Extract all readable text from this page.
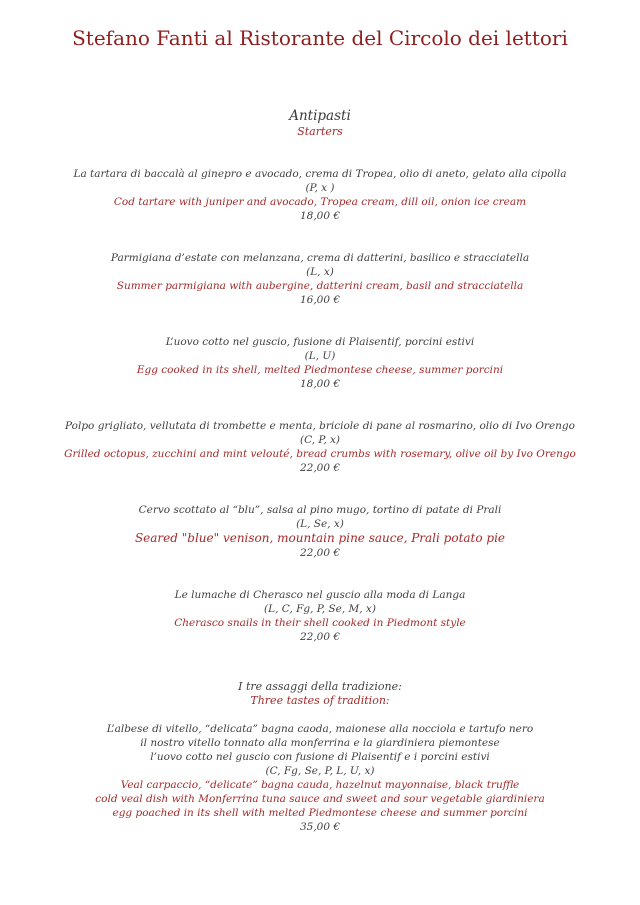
Stefano Fanti al Ristorante del Circolo dei lettori
Antipasti
Starters
La tartara di baccalà al ginepro e avocado, crema di Tropea, olio di aneto, gelato alla cipolla
(P, x )
Cod tartare with juniper and avocado, Tropea cream, dill oil, onion ice cream
18,00 €
Parmigiana d’estate con melanzana, crema di datterini, basilico e stracciatella
(L, x)
Summer parmigiana with aubergine, datterini cream, basil and stracciatella
16,00 €
L’uovo cotto nel guscio, fusione di Plaisentif, porcini estivi
(L, U)
Egg cooked in its shell, melted Piedmontese cheese, summer porcini
18,00 €
Polpo grigliato, vellutata di trombette e menta, briciole di pane al rosmarino, olio di Ivo Orengo
(C, P, x)
Grilled octopus, zucchini and mint velouté, bread crumbs with rosemary, olive oil by Ivo Orengo
22,00 €
Cervo scottato al “blu”, salsa al pino mugo, tortino di patate di Prali
(L, Se, x)
Seared "blue" venison, mountain pine sauce, Prali potato pie
22,00 €
Le lumache di Cherasco nel guscio alla moda di Langa
(L, C, Fg, P, Se, M, x)
Cherasco snails in their shell cooked in Piedmont style
22,00 €
I tre assaggi della tradizione:
Three tastes of tradition:
L’albese di vitello, “delicata” bagna caoda, maionese alla nocciola e tartufo nero
il nostro vitello tonnato alla monferrina e la giardiniera piemontese
l’uovo cotto nel guscio con fusione di Plaisentif e i porcini estivi
(C, Fg, Se, P, L, U, x)
Veal carpaccio, “delicate” bagna cauda, hazelnut mayonnaise, black truffle
cold veal dish with Monferrina tuna sauce and sweet and sour vegetable giardiniera
egg poached in its shell with melted Piedmontese cheese and summer porcini
35,00 €
